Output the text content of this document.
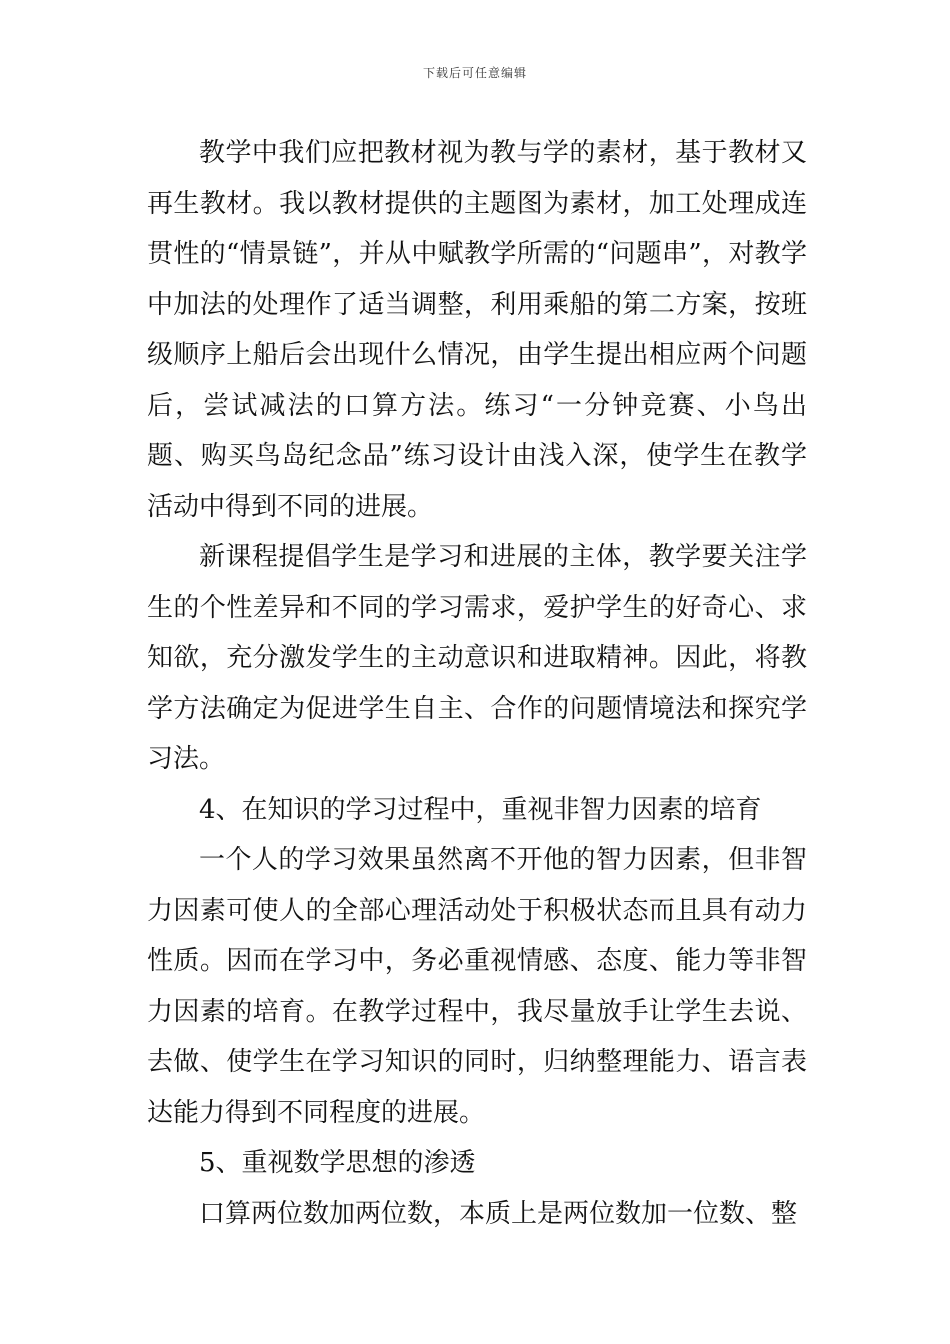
下载后可任意编辑

教学中我们应把教材视为教与学的素材，基于教材又再生教材。我以教材提供的主题图为素材，加工处理成连贯性的“情景链”，并从中赋教学所需的“问题串”，对教学中加法的处理作了适当调整，利用乘船的第二方案，按班级顺序上船后会出现什么情况，由学生提出相应两个问题后，尝试减法的口算方法。练习“一分钟竞赛、小鸟出题、购买鸟岛纪念品”练习设计由浅入深，使学生在教学活动中得到不同的进展。

新课程提倡学生是学习和进展的主体，教学要关注学生的个性差异和不同的学习需求，爱护学生的好奇心、求知欲，充分激发学生的主动意识和进取精神。因此，将教学方法确定为促进学生自主、合作的问题情境法和探究学习法。

4、在知识的学习过程中，重视非智力因素的培育

一个人的学习效果虽然离不开他的智力因素，但非智力因素可使人的全部心理活动处于积极状态而且具有动力性质。因而在学习中，务必重视情感、态度、能力等非智力因素的培育。在教学过程中，我尽量放手让学生去说、去做、使学生在学习知识的同时，归纳整理能力、语言表达能力得到不同程度的进展。

5、重视数学思想的渗透

口算两位数加两位数，本质上是两位数加一位数、整
